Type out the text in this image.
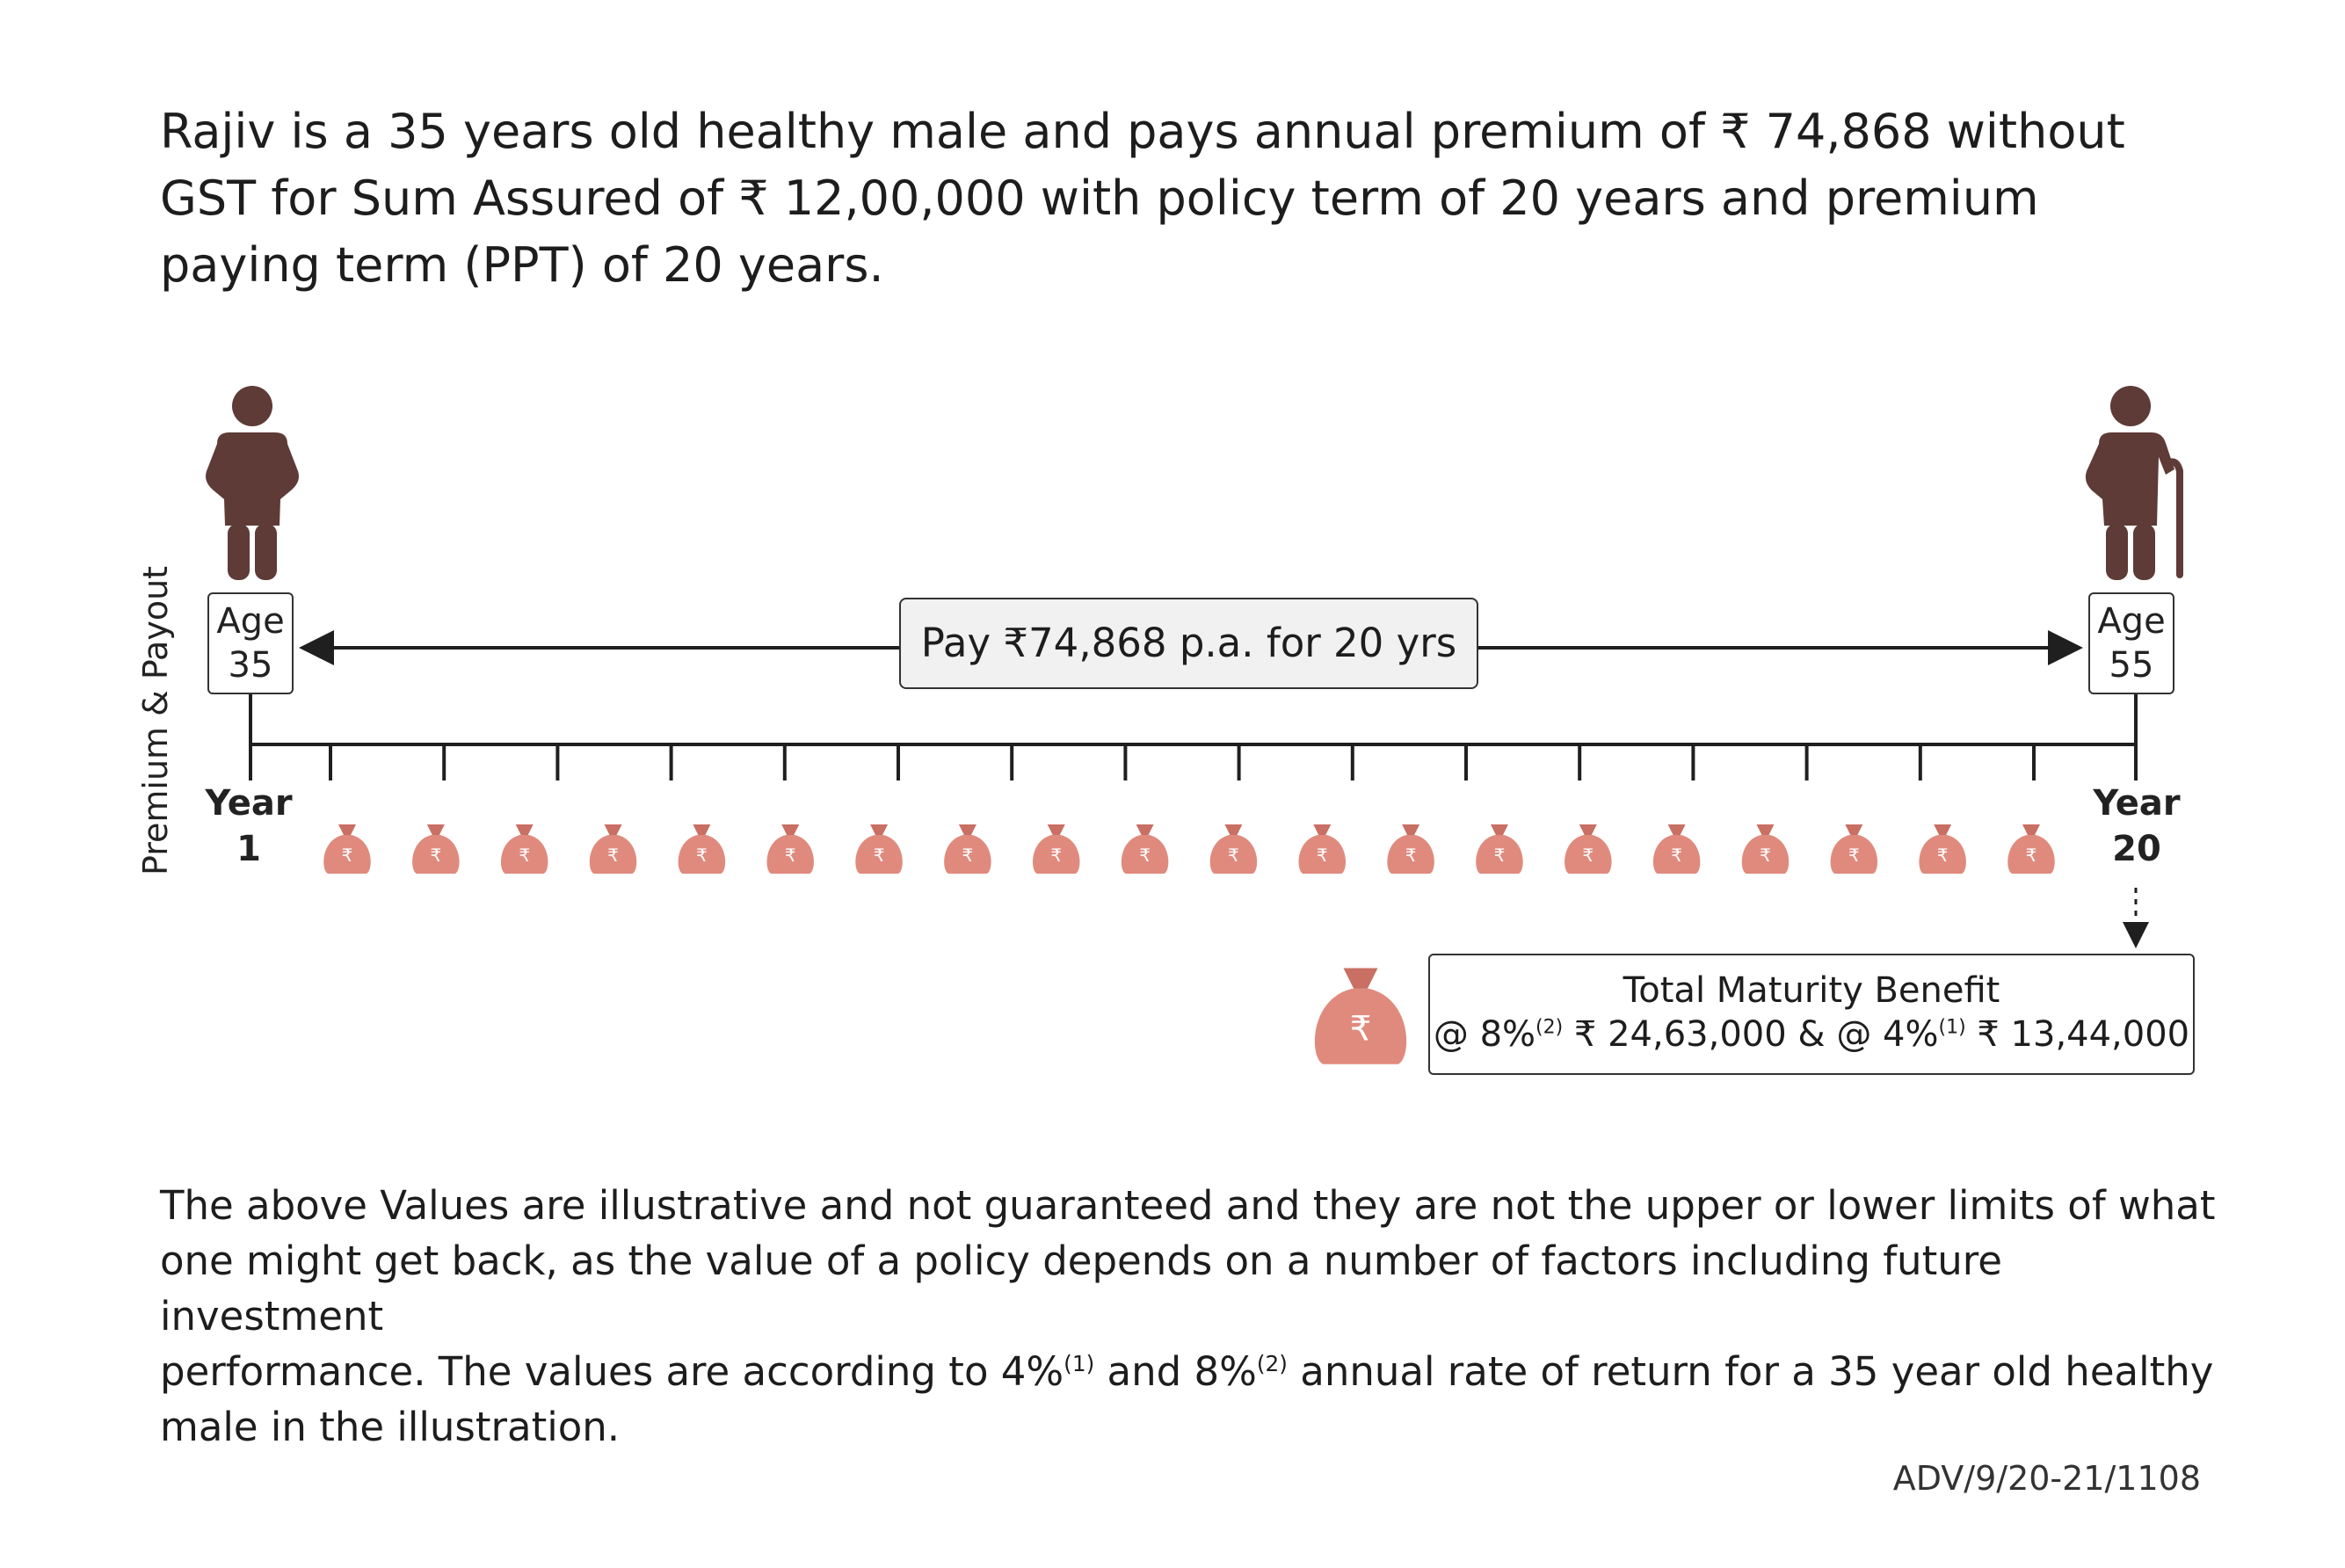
Rajiv is a 35 years old healthy male and pays annual premium of ₹ 74,868 without
GST for Sum Assured of ₹ 12,00,000 with policy term of 20 years and premium
paying term (PPT) of 20 years.
₹	₹	₹	₹	₹	₹	₹	₹	₹	₹	₹	₹	₹	₹	₹	₹	₹	₹	₹	₹
₹
Premium & Payout Age
35
Age
55
Pay ₹74,868 p.a. for 20 yrs
Year
1
Year
20
Total Maturity Benefit
@ 8%$^{(2)}$ ₹ 24,63,000 & @ 4%$^{(1)}$ ₹ 13,44,000

The above Values are illustrative and not guaranteed and they are not the upper or lower limits of what
one might get back, as the value of a policy depends on a number of factors including future investment
performance. The values are according to 4%$^{(1)}$ and 8%$^{(2)}$ annual rate of return for a 35 year old healthy
male in the illustration.

ADV/9/20-21/1108
